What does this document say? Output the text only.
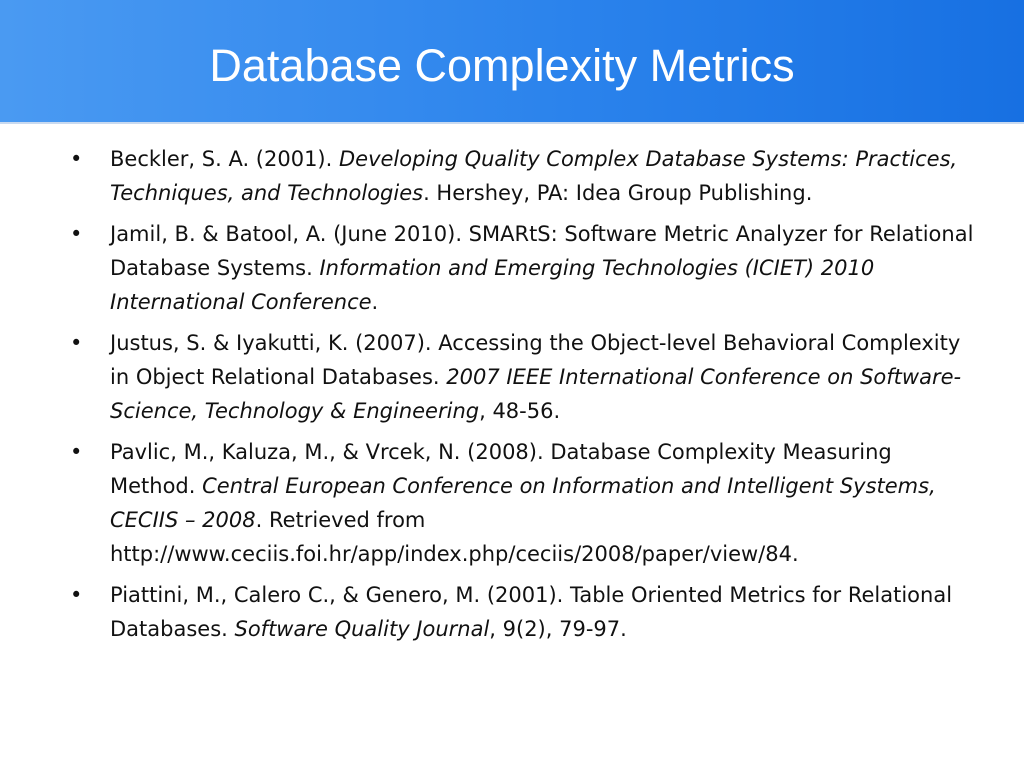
Database Complexity Metrics
•	Beckler, S. A. (2001). Developing Quality Complex Database Systems: Practices, Techniques, and Technologies. Hershey, PA: Idea Group Publishing.
•	Jamil, B. & Batool, A. (June 2010). SMARtS: Software Metric Analyzer for Relational Database Systems. Information and Emerging Technologies (ICIET) 2010 International Conference.
•	Justus, S. & Iyakutti, K. (2007). Accessing the Object-level Behavioral Complexity in Object Relational Databases. 2007 IEEE International Conference on Software-Science, Technology & Engineering, 48-56.
•	Pavlic, M., Kaluza, M., & Vrcek, N. (2008). Database Complexity Measuring Method. Central European Conference on Information and Intelligent Systems, CECIIS – 2008. Retrieved from
http://www.ceciis.foi.hr/app/index.php/ceciis/2008/paper/view/84.
•	Piattini, M., Calero C., & Genero, M. (2001). Table Oriented Metrics for Relational Databases. Software Quality Journal, 9(2), 79-97.
